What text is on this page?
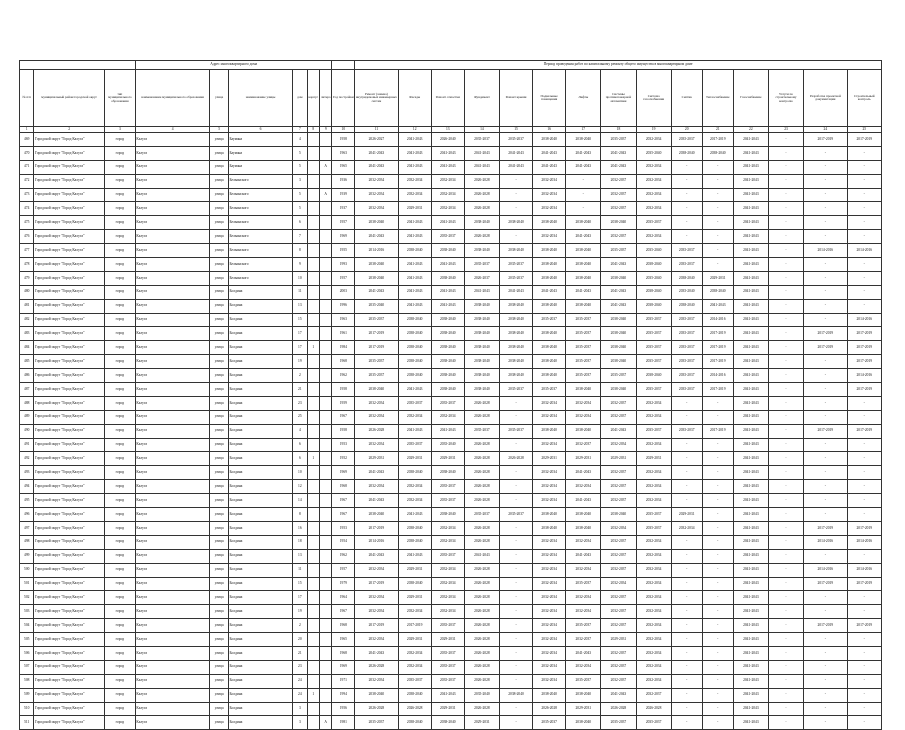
			Адрес многоквартирного дома							Период проведения работ по капитальному ремонту общего имущества в многоквартирном доме														
№ п/п	муниципальный район/городской округ	тип муниципального образования	наименование муниципального образования	улица	наименование улицы	дом	корпус	литера	Год постройки	Ремонт (замена) внутридомовых инженерных систем	Фасады	Ремонт отмостки	Фундамент	Ремонт крыши	Подвальные помещения	Лифты	Системы противопожарной автоматики	Система газоснабжения	Септик	Теплоснабжение	Газоснабжение	Услуги по строительному контролю	Разработка проектной документации	Строительный контроль
1	2	3	4	5	6	7	8	9	10	11	12	13	14	15	16	17	18	19	20	21	22	23	24	25
469	Городской округ "Город Калуга"	город	Калуга	улица	Баумана	4			1958	2026-2027	2041-2043	2026-2040	2035-2037	2035-2037	2038-2040	2038-2040	2035-2037	2032-2034	2035-2037	2017-2019	2041-2043	-	2017-2019	2017-2019
470	Городской округ "Город Калуга"	город	Калуга	улица	Баумана	5			1963	2041-2043	2041-2043	2041-2043	2041-2043	2041-2043	2041-2043	2041-2043	2041-2043	2035-2040	2038-2040	2038-2040	2041-2043	-	-	-
471	Городской округ "Город Калуга"	город	Калуга	улица	Баумана	5		А	1965	2041-2043	2041-2043	2041-2043	2041-2043	2041-2043	2041-2043	2041-2043	2041-2043	2032-2034	-	-	2041-2043	-	-	-
472	Городской округ "Город Калуга"	город	Калуга	улица	Бельинского	3			1936	2032-2034	2032-2034	2032-2034	2026-2028	-	2032-2034	-	2032-2037	2032-2034	-	-	2041-2043	-	-	-
473	Городской округ "Город Калуга"	город	Калуга	улица	Бельинского	5		А	1939	2032-2034	2032-2034	2032-2034	2026-2028	-	2032-2034	-	2032-2037	2032-2034	-	-	2041-2043	-	-	-
474	Городской округ "Город Калуга"	город	Калуга	улица	Бельинского	5			1937	2032-2034	2029-2031	2032-2034	2026-2028	-	2032-2034	-	2032-2037	2032-2034	-	-	2041-2043	-	-	-
475	Городской округ "Город Калуга"	город	Калуга	улица	Бельинского	6			1957	2038-2040	2041-2043	2041-2043	2038-2040	2038-2040	2038-2040	2038-2040	2038-2040	2035-2037	-	-	2041-2043	-	-	-
476	Городской округ "Город Калуга"	город	Калуга	улица	Бельинского	7			1969	2041-2043	2041-2043	2035-2037	2026-2028	-	2032-2034	2041-2043	2032-2037	2032-2034	-	-	2041-2043	-	-	-
477	Городской округ "Город Калуга"	город	Калуга	улица	Бельинского	8			1955	2014-2016	2038-2040	2038-2040	2038-2040	2038-2040	2038-2040	2038-2040	2035-2037	2035-2040	2035-2037	-	2041-2043	-	2014-2016	2014-2016
478	Городской округ "Город Калуга"	город	Калуга	улица	Бельинского	9			1993	2038-2040	2041-2043	2041-2043	2035-2037	2035-2037	2038-2040	2038-2040	2041-2043	2038-2040	2035-2037	-	2041-2043	-	-	-
479	Городской округ "Город Калуга"	город	Калуга	улица	Бельинского	10			1957	2038-2040	2041-2043	2038-2040	2026-2037	2035-2037	2038-2040	2038-2040	2038-2040	2035-2040	2038-2040	2029-2031	2041-2043	-	-	-
480	Городской округ "Город Калуга"	город	Калуга	улица	Болдина	11			2003	2041-2043	2041-2043	2041-2043	2041-2043	2041-2043	2041-2043	2041-2043	2041-2043	2038-2040	2035-2040	2038-2040	2041-2043	-	-	-
481	Городской округ "Город Калуга"	город	Калуга	улица	Болдина	13			1996	2035-2040	2041-2043	2041-2043	2038-2040	2038-2040	2038-2040	2038-2040	2041-2043	2038-2040	2038-2040	2041-2043	2041-2043	-	-	-
482	Городской округ "Город Калуга"	город	Калуга	улица	Болдина	15			1963	2035-2037	2038-2040	2038-2040	2038-2040	2038-2040	2035-2037	2035-2037	2038-2040	2035-2037	2035-2037	2014-2016	2041-2043	-	-	2014-2016
483	Городской округ "Город Калуга"	город	Калуга	улица	Болдина	17			1961	2017-2019	2038-2040	2038-2040	2038-2040	2038-2040	2038-2040	2035-2037	2038-2040	2035-2037	2035-2037	2017-2019	2041-2043	-	2017-2019	2017-2019
484	Городской округ "Город Калуга"	город	Калуга	улица	Болдина	17	1		1984	2017-2019	2038-2040	2038-2040	2038-2040	2038-2040	2038-2040	2035-2037	2038-2040	2035-2037	2035-2037	2017-2019	2041-2043	-	2017-2019	2017-2019
485	Городской округ "Город Калуга"	город	Калуга	улица	Болдина	19			1968	2035-2037	2038-2040	2038-2040	2038-2040	2038-2040	2038-2040	2035-2037	2038-2040	2035-2037	2035-2037	2017-2019	2041-2043	-	-	2017-2019
486	Городской округ "Город Калуга"	город	Калуга	улица	Болдина	2			1962	2035-2037	2038-2040	2038-2040	2038-2040	2038-2040	2038-2040	2035-2037	2035-2037	2038-2040	2035-2037	2014-2016	2041-2043	-	-	2014-2016
487	Городской округ "Город Калуга"	город	Калуга	улица	Болдина	21			1958	2038-2040	2041-2043	2038-2040	2038-2040	2035-2037	2035-2037	2038-2040	2038-2040	2035-2037	2035-2037	2017-2019	2041-2043	-	-	2017-2019
488	Городской округ "Город Калуга"	город	Калуга	улица	Болдина	23			1959	2032-2034	2035-2037	2035-2037	2026-2028	-	2032-2034	2032-2034	2032-2037	2032-2034	-	-	2041-2043	-	-	-
489	Городской округ "Город Калуга"	город	Калуга	улица	Болдина	25			1967	2032-2034	2032-2034	2032-2034	2026-2028	-	2032-2034	2032-2034	2032-2037	2032-2034	-	-	2041-2043	-	-	-
490	Городской округ "Город Калуга"	город	Калуга	улица	Болдина	4			1958	2026-2028	2041-2043	2041-2043	2035-2037	2035-2037	2038-2040	2038-2040	2041-2043	2035-2037	2035-2037	2017-2019	2041-2043	-	2017-2019	2017-2019
491	Городской округ "Город Калуга"	город	Калуга	улица	Болдина	6			1953	2032-2034	2035-2037	2035-2040	2026-2028	-	2032-2034	2032-2037	2032-2034	2032-2034	-	-	2041-2043	-	-	-
492	Городской округ "Город Калуга"	город	Калуга	улица	Болдина	6	1		1952	2029-2031	2029-2031	2029-2031	2026-2028	2026-2028	2029-2031	2029-2031	2029-2031	2029-2031	-	-	2041-2043	-	-	-
493	Городской округ "Город Калуга"	город	Калуга	улица	Болдина	10			1969	2041-2043	2038-2040	2038-2040	2026-2028	-	2032-2034	2041-2043	2032-2037	2032-2034	-	-	2041-2043	-	-	-
494	Городской округ "Город Калуга"	город	Калуга	улица	Болдина	12			1968	2032-2034	2032-2034	2035-2037	2026-2028	-	2032-2034	2032-2034	2032-2037	2032-2034	-	-	2041-2043	-	-	-
495	Городской округ "Город Калуга"	город	Калуга	улица	Болдина	14			1967	2041-2043	2032-2034	2035-2037	2026-2028	-	2032-2034	2041-2043	2032-2037	2032-2034	-	-	2041-2043	-	-	-
496	Городской округ "Город Калуга"	город	Калуга	улица	Болдина	8			1967	2038-2040	2041-2043	2038-2040	2035-2037	2035-2037	2038-2040	2038-2040	2038-2040	2035-2037	2029-2031	-	2041-2043	-	-	-
497	Городской округ "Город Калуга"	город	Калуга	улица	Болдина	16			1953	2017-2019	2038-2040	2032-2034	2026-2028	-	2038-2040	2038-2040	2032-2034	2035-2037	2032-2034	-	2041-2043	-	2017-2019	2017-2019
498	Городской округ "Город Калуга"	город	Калуга	улица	Болдина	18			1954	2014-2016	2038-2040	2032-2034	2026-2028	-	2032-2034	2032-2034	2032-2037	2032-2034	-	-	2041-2043	-	2014-2016	2014-2016
499	Городской округ "Город Калуга"	город	Калуга	улица	Болдина	13			1962	2041-2043	2041-2043	2035-2037	2041-2043	-	2032-2034	2041-2043	2032-2037	2032-2034	-	-	2041-2043	-	-	-
500	Городской округ "Город Калуга"	город	Калуга	улица	Болдина	11			1957	2032-2034	2029-2031	2032-2034	2026-2028	-	2032-2034	2032-2034	2032-2037	2032-2034	-	-	2041-2043	-	2014-2016	2014-2016
501	Городской округ "Город Калуга"	город	Калуга	улица	Болдина	15			1979	2017-2019	2038-2040	2032-2034	2026-2028	-	2032-2034	2035-2037	2032-2034	2032-2034	-	-	2041-2043	-	2017-2019	2017-2019
502	Городской округ "Город Калуга"	город	Калуга	улица	Болдина	17			1964	2032-2034	2029-2031	2032-2034	2026-2028	-	2032-2034	2032-2034	2032-2037	2032-2034	-	-	2041-2043	-	-	-
503	Городской округ "Город Калуга"	город	Калуга	улица	Болдина	19			1967	2032-2034	2032-2034	2032-2034	2026-2028	-	2032-2034	2032-2034	2032-2037	2032-2034	-	-	2041-2043	-	-	-
504	Городской округ "Город Калуга"	город	Калуга	улица	Болдина	2			1968	2017-2019	2017-2019	2035-2037	2026-2028	-	2032-2034	2035-2037	2032-2037	2032-2034	-	-	2041-2043	-	2017-2019	2017-2019
505	Городской округ "Город Калуга"	город	Калуга	улица	Болдина	20			1965	2032-2034	2029-2031	2029-2031	2026-2028	-	2032-2034	2032-2037	2029-2031	2032-2034	-	-	2041-2043	-	-	-
506	Городской округ "Город Калуга"	город	Калуга	улица	Болдина	21			1968	2041-2043	2032-2034	2035-2037	2026-2028	-	2032-2034	2041-2043	2032-2037	2032-2034	-	-	2041-2043	-	-	-
507	Городской округ "Город Калуга"	город	Калуга	улица	Болдина	23			1969	2026-2028	2032-2034	2035-2037	2026-2028	-	2032-2034	2032-2034	2032-2037	2032-2034	-	-	2041-2043	-	-	-
508	Городской округ "Город Калуга"	город	Калуга	улица	Болдина	24			1971	2032-2034	2035-2037	2035-2037	2026-2028	-	2032-2034	2035-2037	2032-2037	2032-2034	-	-	2041-2043	-	-	-
509	Городской округ "Город Калуга"	город	Калуга	улица	Болдина	24	1		1994	2038-2040	2038-2040	2041-2043	2035-2040	2038-2040	2038-2040	2038-2040	2041-2043	2032-2037	-	-	2041-2043	-	-	-
510	Городской округ "Город Калуга"	город	Калуга	улица	Болдина	3			1956	2026-2028	2026-2028	2029-2031	2026-2028	-	2026-2028	2029-2031	2026-2028	2026-2028	-	-	2041-2043	-	-	-
511	Городской округ "Город Калуга"	город	Калуга	улица	Болдина	3		А	1981	2035-2037	2038-2040	2038-2040	2029-2031	-	2035-2037	2038-2040	2035-2037	2035-2037	-	-	2041-2043	-	-	-
